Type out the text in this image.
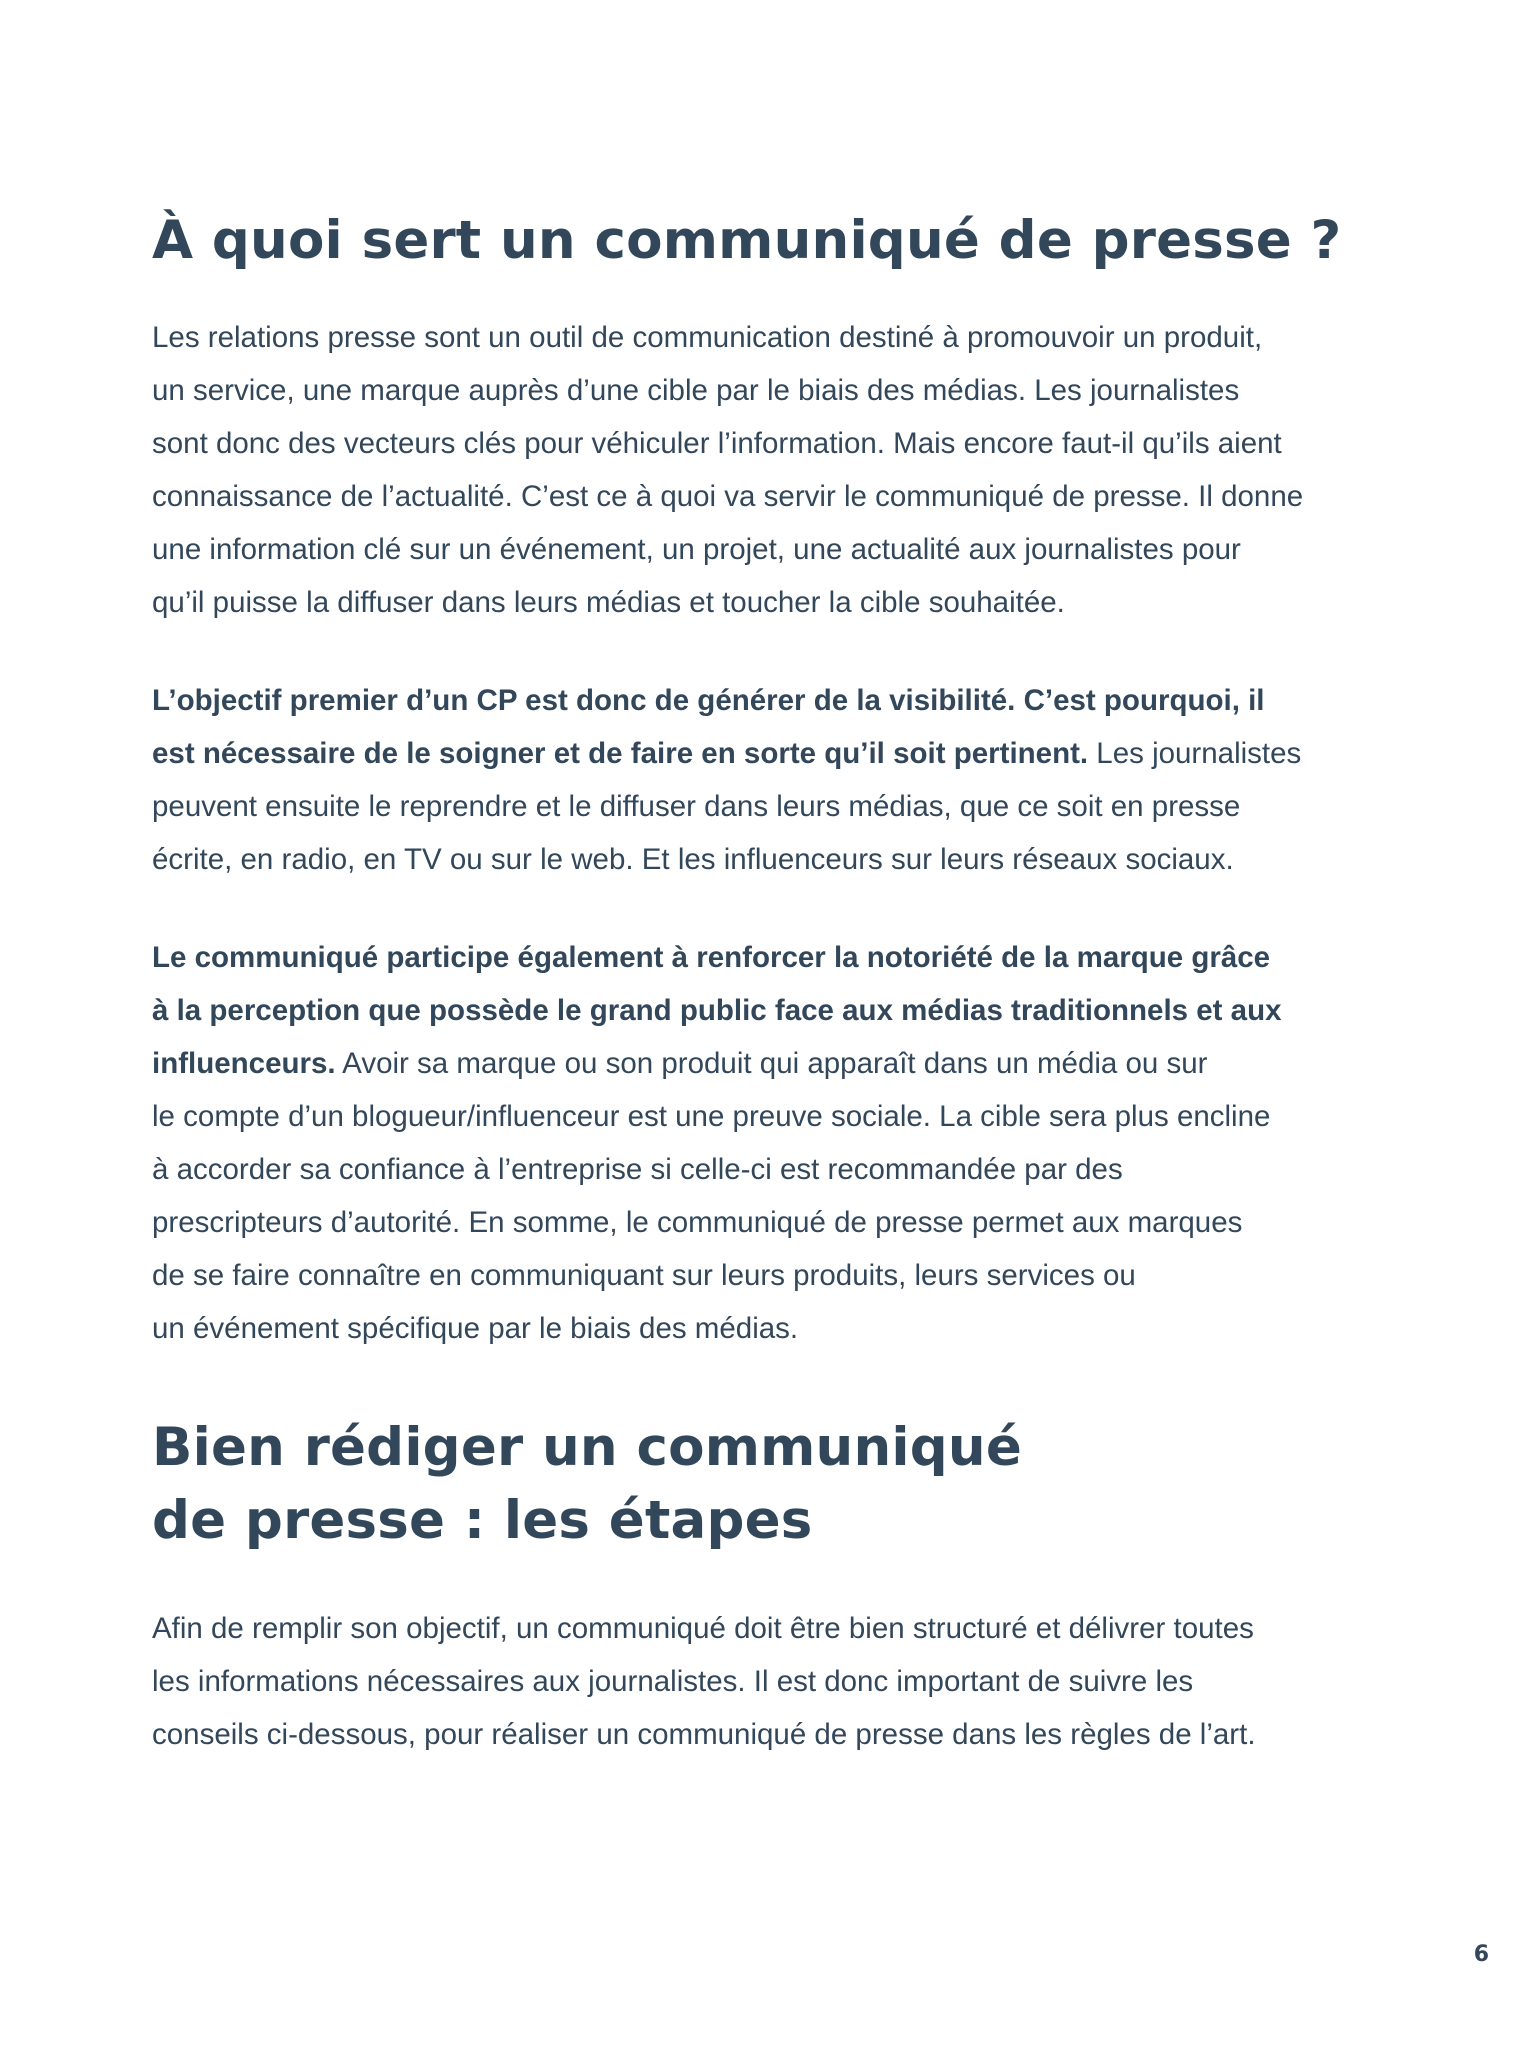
À quoi sert un communiqué de presse ?

Les relations presse sont un outil de communication destiné à promouvoir un produit,
un service, une marque auprès d’une cible par le biais des médias. Les journalistes
sont donc des vecteurs clés pour véhiculer l’information. Mais encore faut-il qu’ils aient
connaissance de l’actualité. C’est ce à quoi va servir le communiqué de presse. Il donne
une information clé sur un événement, un projet, une actualité aux journalistes pour
qu’il puisse la diffuser dans leurs médias et toucher la cible souhaitée.

L’objectif premier d’un CP est donc de générer de la visibilité. C’est pourquoi, il
est nécessaire de le soigner et de faire en sorte qu’il soit pertinent. Les journalistes
peuvent ensuite le reprendre et le diffuser dans leurs médias, que ce soit en presse
écrite, en radio, en TV ou sur le web. Et les influenceurs sur leurs réseaux sociaux.

Le communiqué participe également à renforcer la notoriété de la marque grâce
à la perception que possède le grand public face aux médias traditionnels et aux
influenceurs. Avoir sa marque ou son produit qui apparaît dans un média ou sur
le compte d’un blogueur/influenceur est une preuve sociale. La cible sera plus encline
à accorder sa confiance à l’entreprise si celle-ci est recommandée par des
prescripteurs d’autorité. En somme, le communiqué de presse permet aux marques
de se faire connaître en communiquant sur leurs produits, leurs services ou
un événement spécifique par le biais des médias.

Bien rédiger un communiqué
de presse : les étapes

Afin de remplir son objectif, un communiqué doit être bien structuré et délivrer toutes
les informations nécessaires aux journalistes. Il est donc important de suivre les
conseils ci-dessous, pour réaliser un communiqué de presse dans les règles de l’art.

6
